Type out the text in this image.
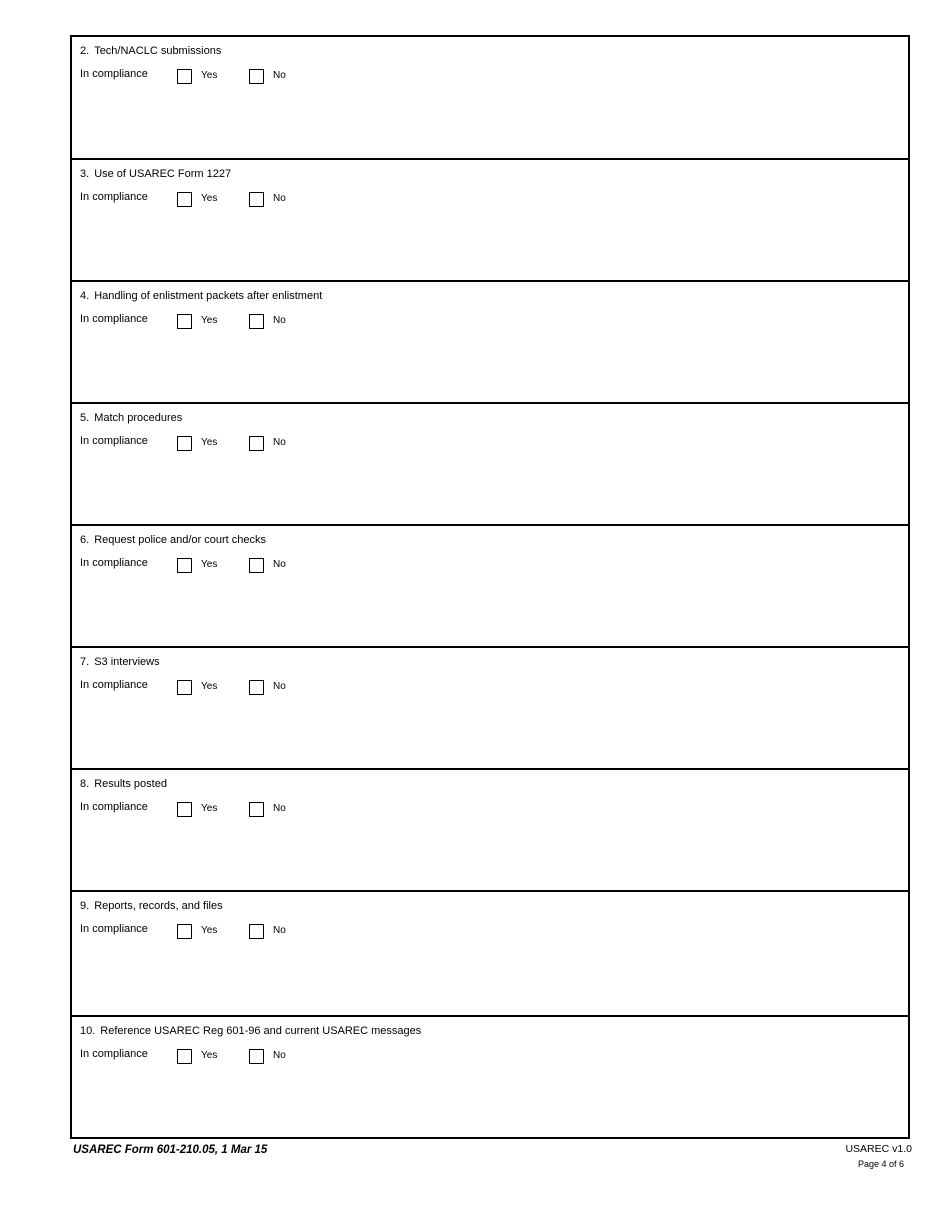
2. Tech/NACLC submissions
In compliance	Yes	No
3. Use of USAREC Form 1227
In compliance	Yes	No
4. Handling of enlistment packets after enlistment
In compliance	Yes	No
5. Match procedures
In compliance	Yes	No
6. Request police and/or court checks
In compliance	Yes	No
7. S3 interviews
In compliance	Yes	No
8. Results posted
In compliance	Yes	No
9. Reports, records, and files
In compliance	Yes	No
10. Reference USAREC Reg 601-96 and current USAREC messages
In compliance	Yes	No
USAREC Form 601-210.05, 1 Mar 15	USAREC v1.0
Page 4 of 6
